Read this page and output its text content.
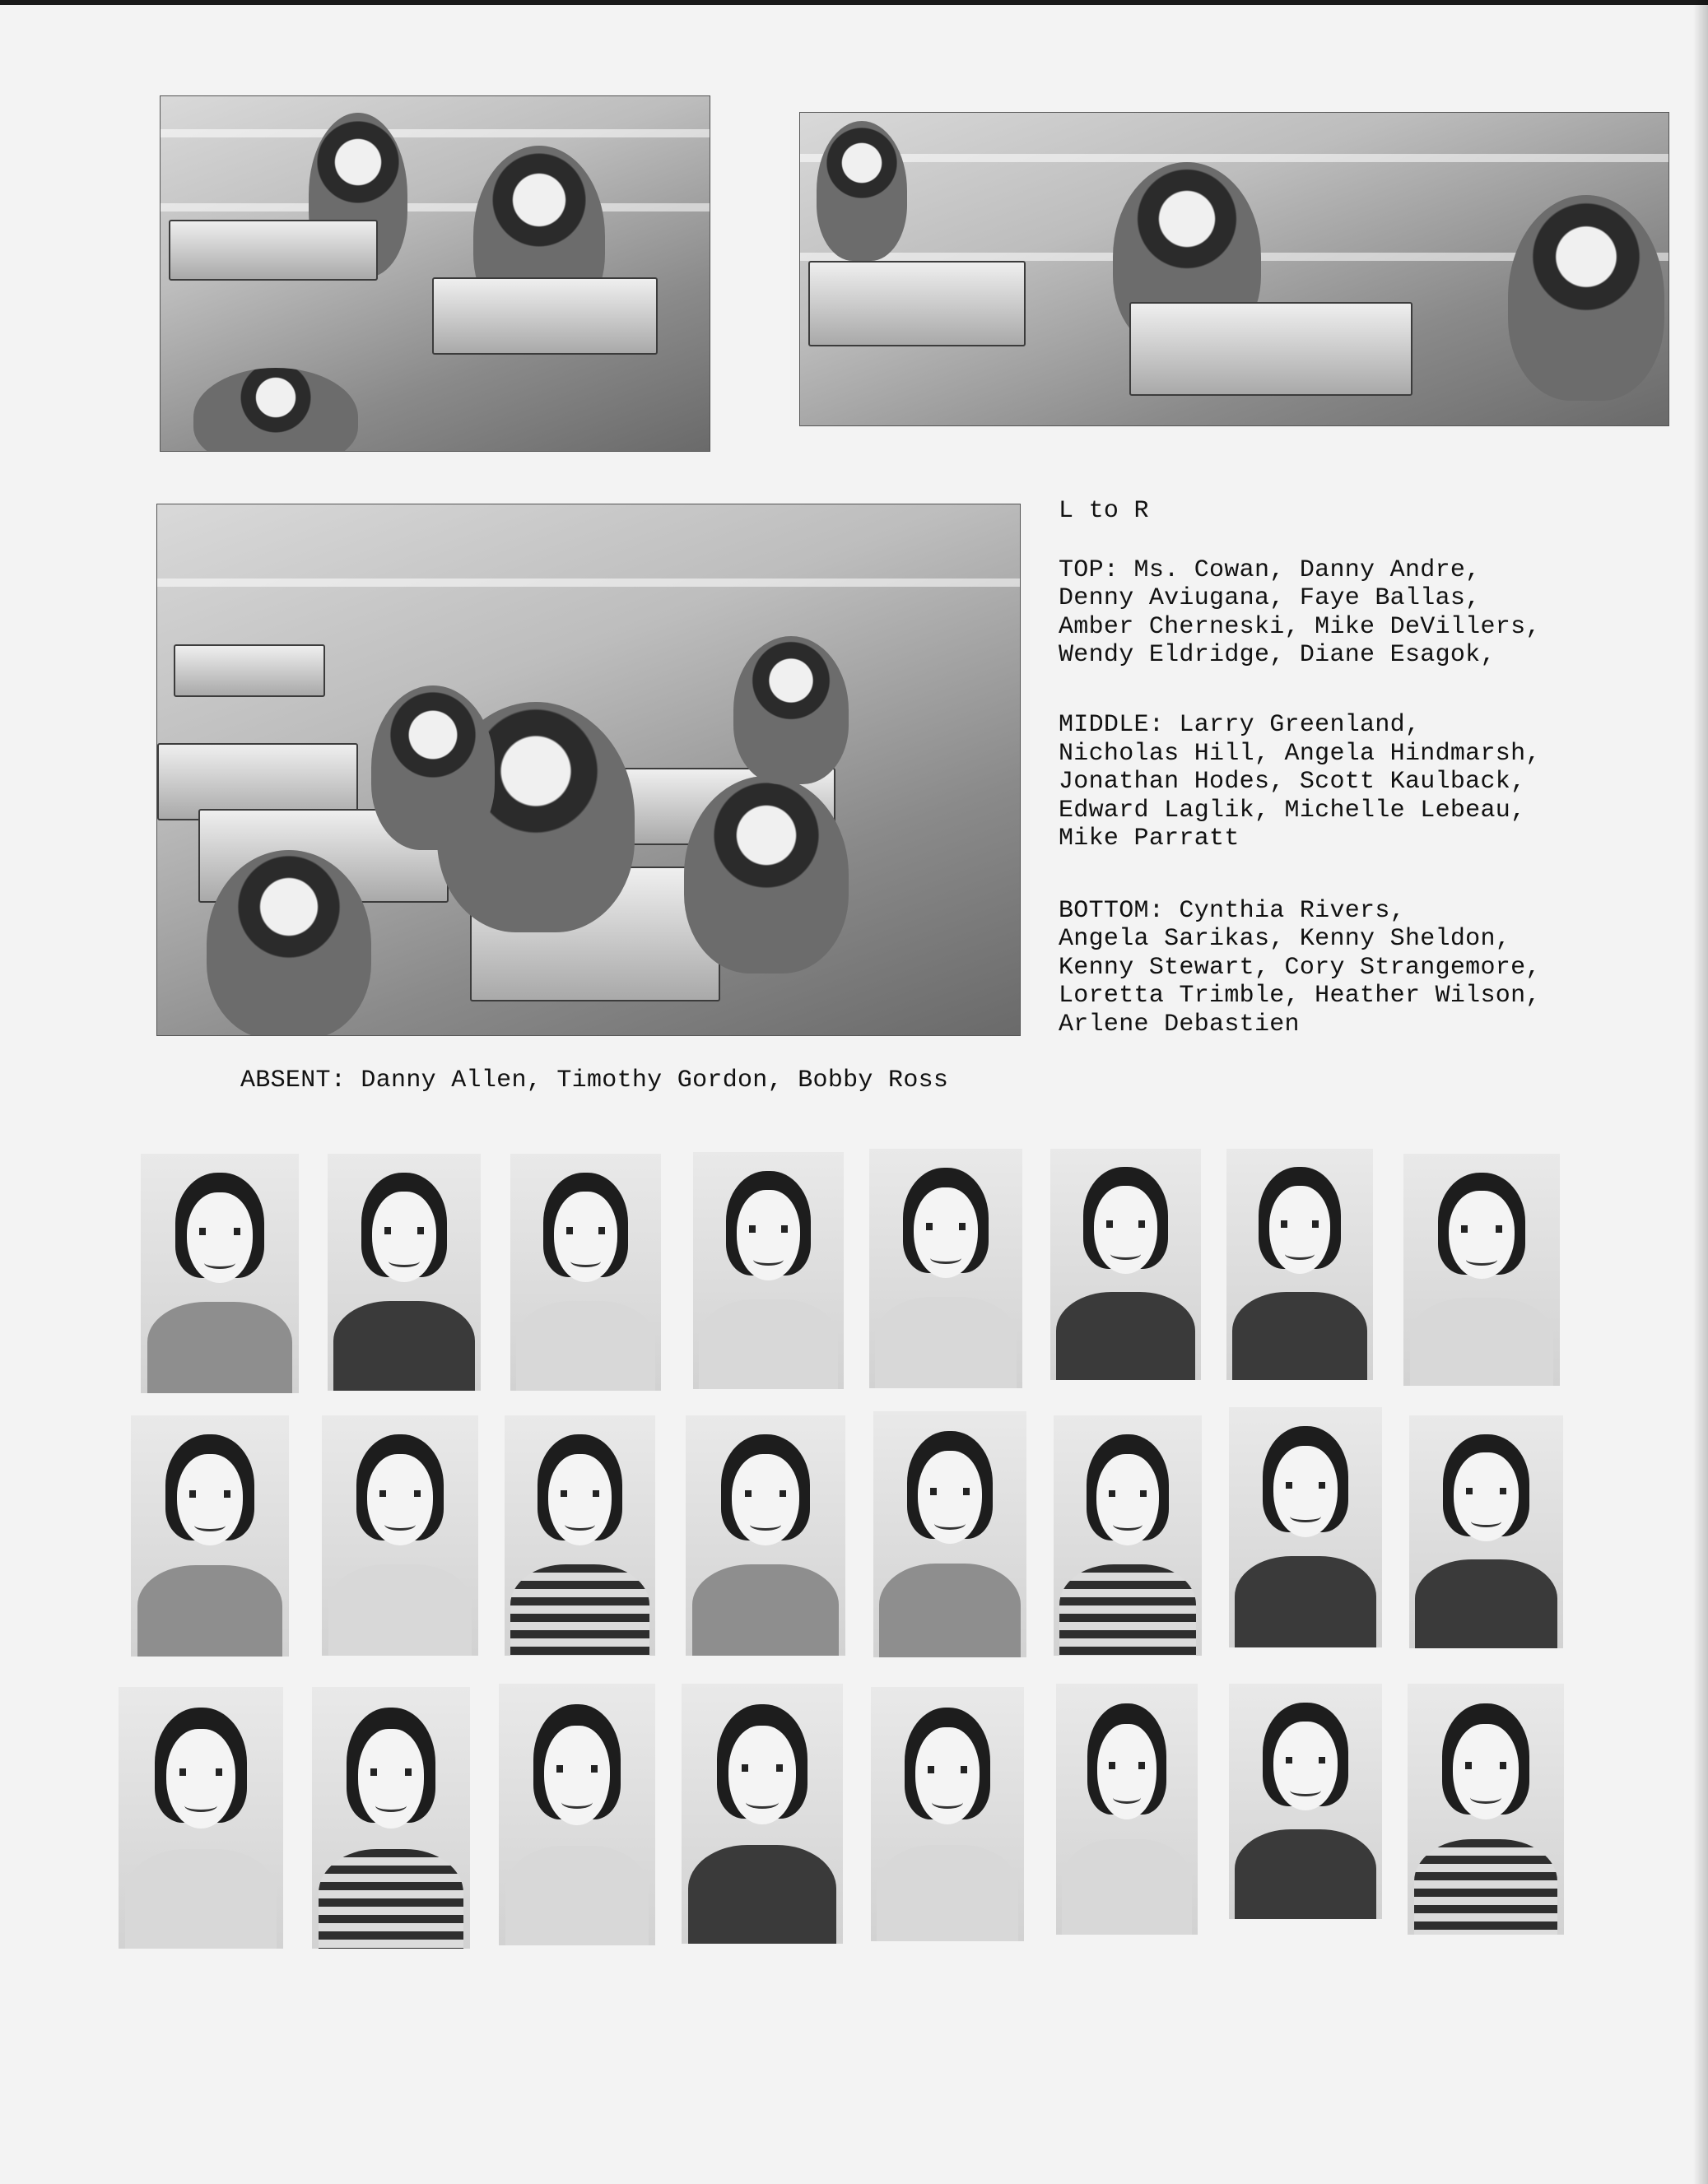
L to R
TOP: Ms. Cowan, Danny Andre,
Denny Aviugana, Faye Ballas,
Amber Cherneski, Mike DeVillers,
Wendy Eldridge, Diane Esagok,
MIDDLE: Larry Greenland,
Nicholas Hill, Angela Hindmarsh,
Jonathan Hodes, Scott Kaulback,
Edward Laglik, Michelle Lebeau,
Mike Parratt
BOTTOM: Cynthia Rivers,
Angela Sarikas, Kenny Sheldon,
Kenny Stewart, Cory Strangemore,
Loretta Trimble, Heather Wilson,
Arlene Debastien
ABSENT: Danny Allen, Timothy Gordon, Bobby Ross
